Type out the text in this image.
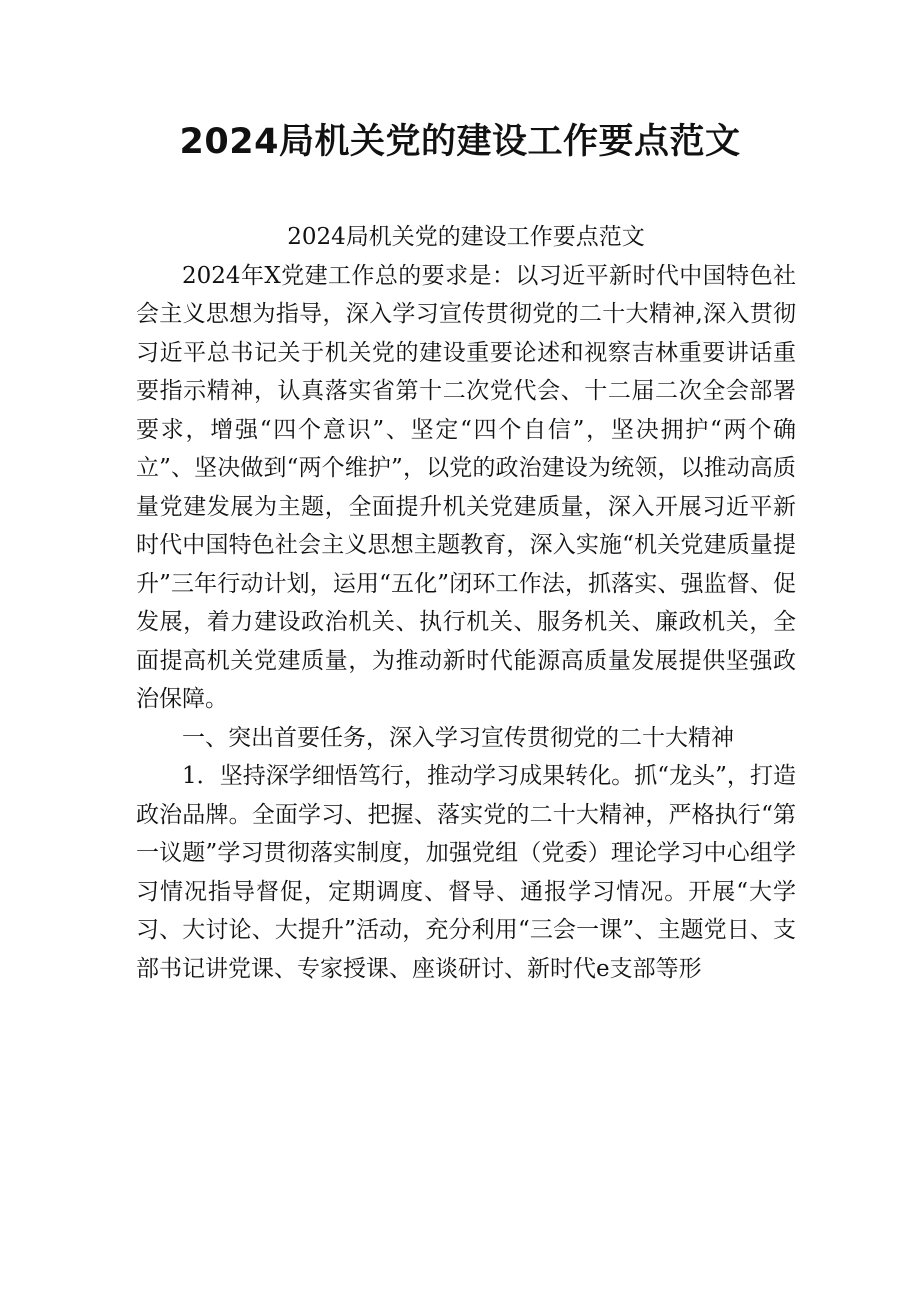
2024局机关党的建设工作要点范文

2024局机关党的建设工作要点范文

2024年X党建工作总的要求是：以习近平新时代中国特色社会主义思想为指导，深入学习宣传贯彻党的二十大精神,深入贯彻习近平总书记关于机关党的建设重要论述和视察吉林重要讲话重要指示精神，认真落实省第十二次党代会、十二届二次全会部署要求，增强“四个意识”、坚定“四个自信”，坚决拥护“两个确立”、坚决做到“两个维护”，以党的政治建设为统领，以推动高质量党建发展为主题，全面提升机关党建质量，深入开展习近平新时代中国特色社会主义思想主题教育，深入实施“机关党建质量提升”三年行动计划，运用“五化”闭环工作法，抓落实、强监督、促发展，着力建设政治机关、执行机关、服务机关、廉政机关，全面提高机关党建质量，为推动新时代能源高质量发展提供坚强政治保障。

一、突出首要任务，深入学习宣传贯彻党的二十大精神

1．坚持深学细悟笃行，推动学习成果转化。抓“龙头”，打造政治品牌。全面学习、把握、落实党的二十大精神，严格执行“第一议题”学习贯彻落实制度，加强党组（党委）理论学习中心组学习情况指导督促，定期调度、督导、通报学习情况。开展“大学习、大讨论、大提升”活动，充分利用“三会一课”、主题党日、支部书记讲党课、专家授课、座谈研讨、新时代e支部等形
